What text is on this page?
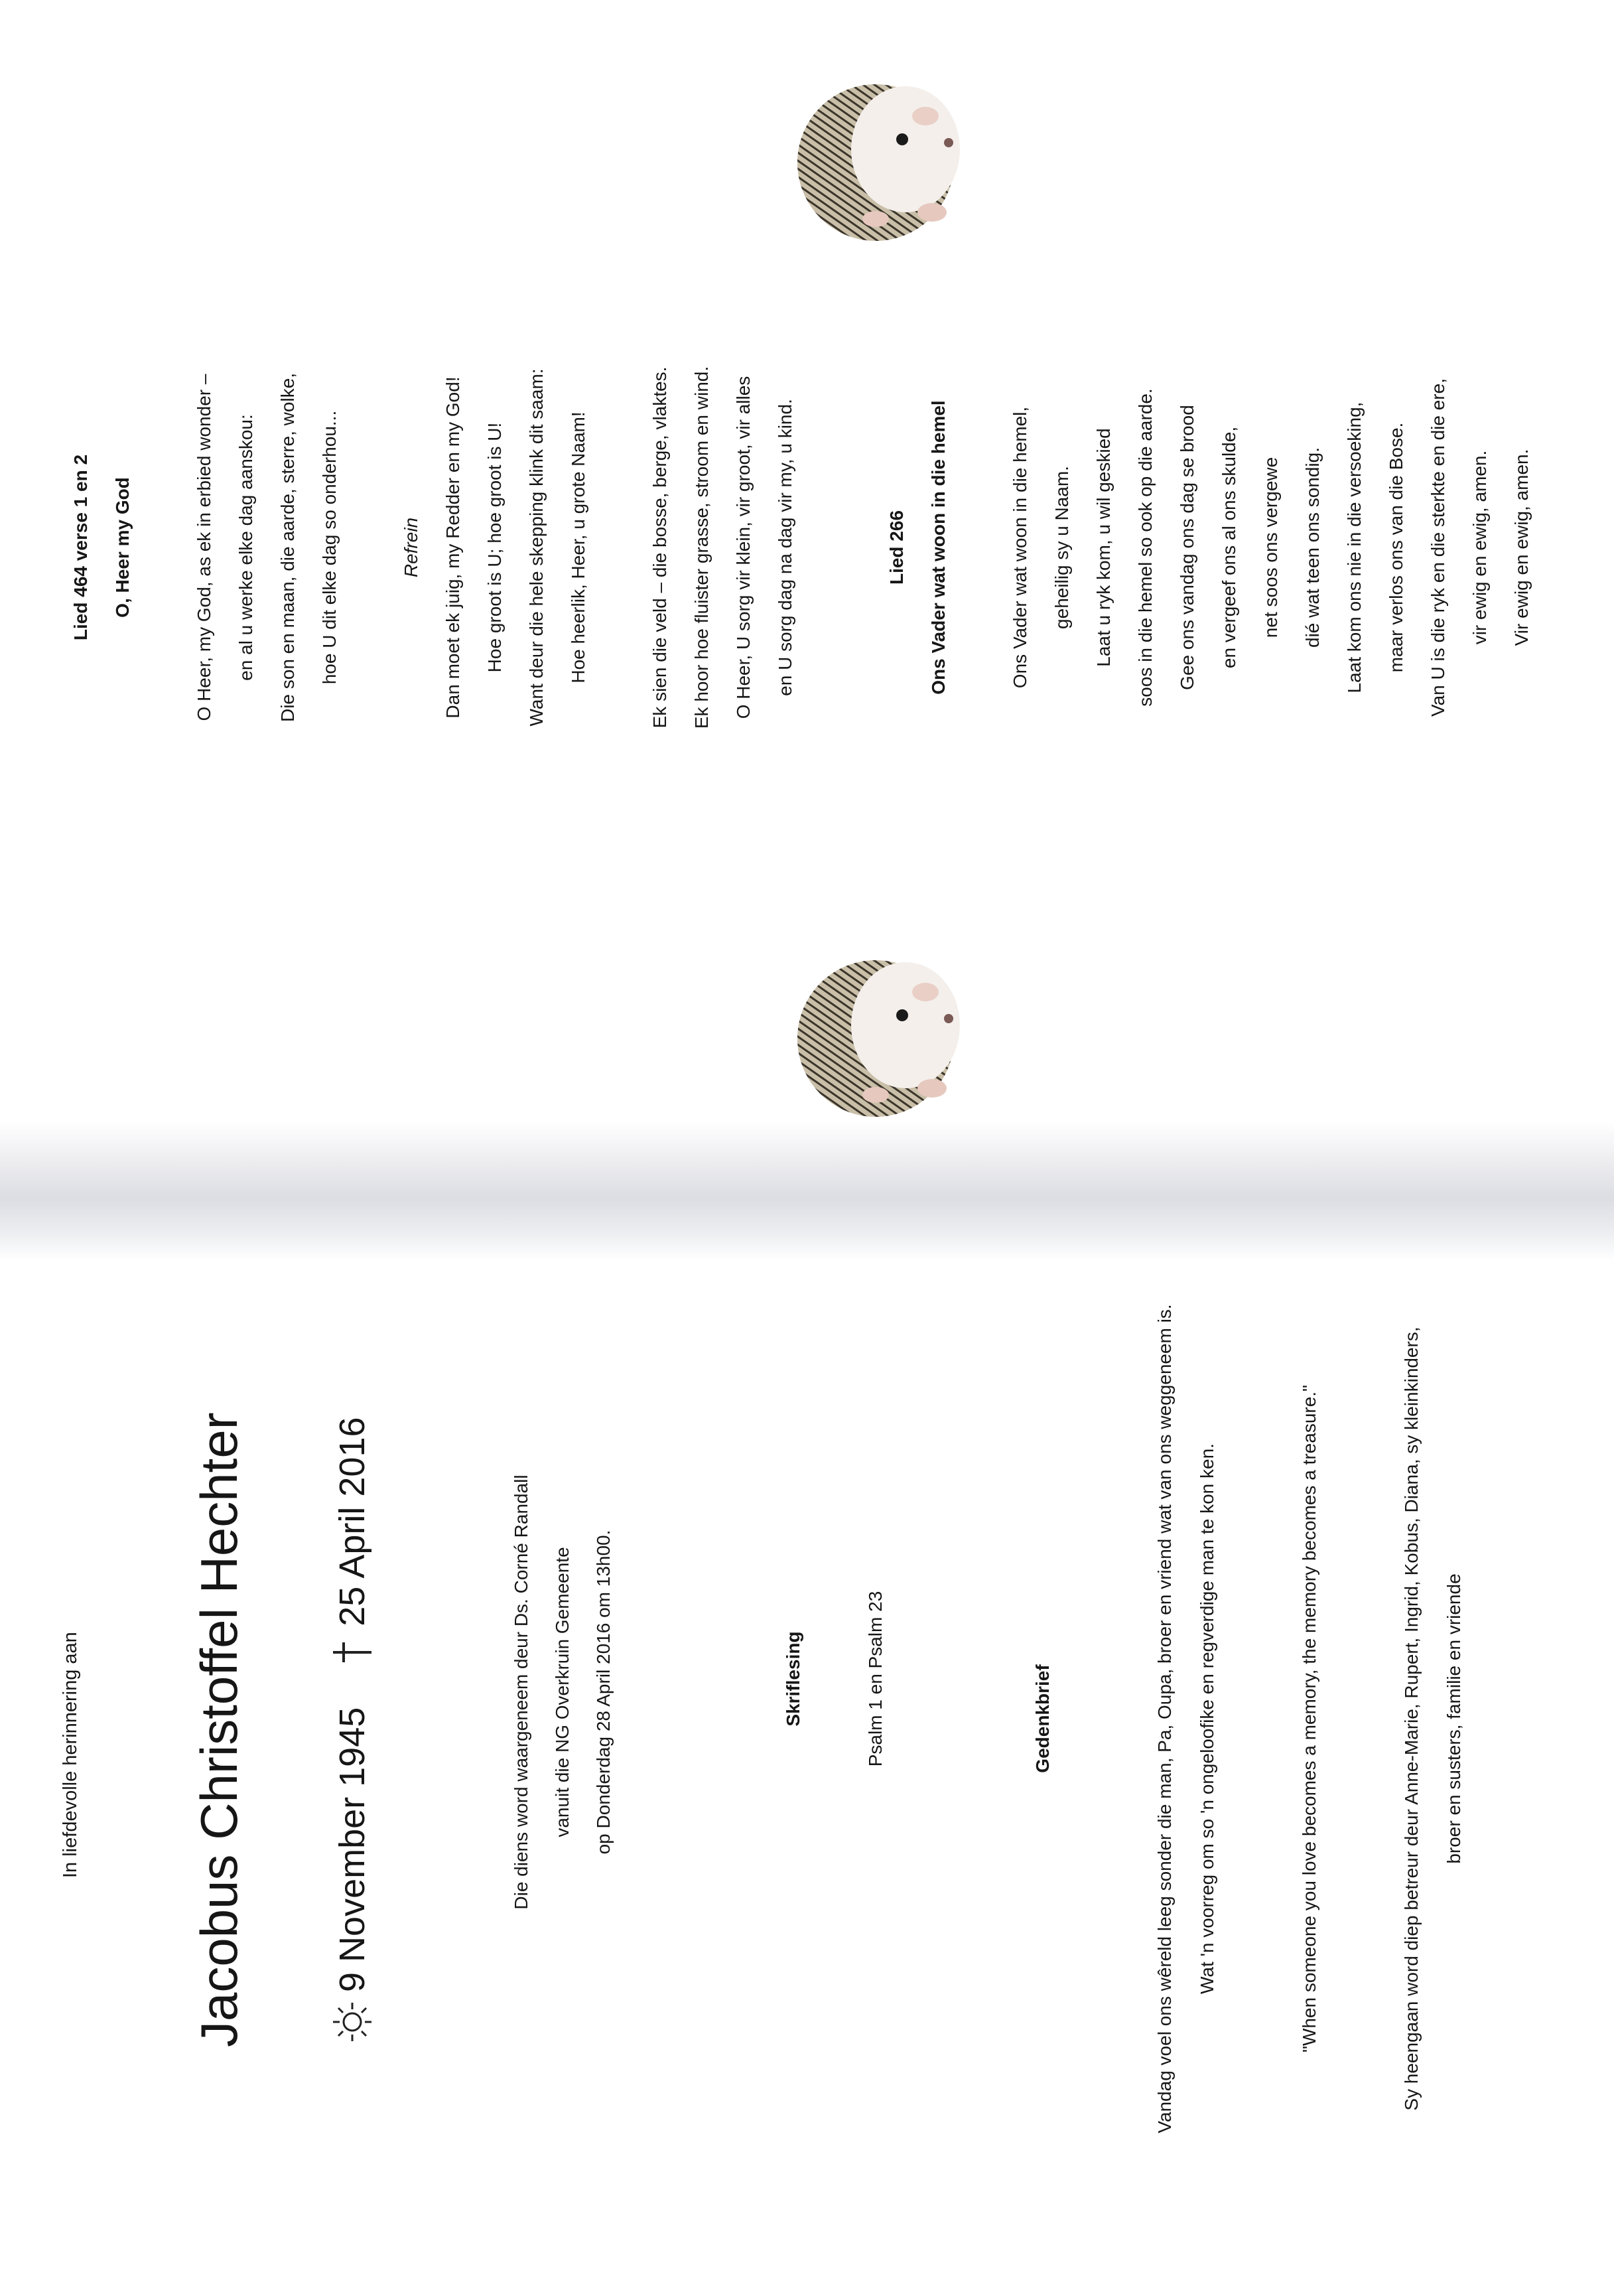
In liefdevolle herinnering aan Jacobus Christoffel Hechter 9 November 1945
25 April 2016	Die diens word waargeneem deur Ds. Corné Randall	vanuit die NG Overkruin Gemeente	op Donderdag 28 April 2016 om 13h00.	Skriflesing	Psalm 1 en Psalm 23	Gedenkbrief	Vandag voel ons wêreld leeg sonder die man, Pa, Oupa, broer en vriend wat van ons weggeneem is.	Wat 'n voorreg om so 'n ongeloofike en regverdige man te kon ken.	"When someone you love becomes a memory, the memory becomes a treasure."	Sy heengaan word diep betreur deur Anne-Marie, Rupert, Ingrid, Kobus, Diana, sy kleinkinders,	broer en susters, familie en vriende
Lied 464 verse 1 en 2	O, Heer my God	O Heer, my God, as ek in erbied wonder –	en al u werke elke dag aanskou:	Die son en maan, die aarde, sterre, wolke,	hoe U dit elke dag so onderhou...	Refrein	Dan moet ek juig, my Redder en my God!	Hoe groot is U; hoe groot is U!	Want deur die hele skepping klink dit saam:	Hoe heerlik, Heer, u grote Naam!	Ek sien die veld – die bosse, berge, vlaktes.	Ek hoor hoe fluister grasse, stroom en wind.	O Heer, U sorg vir klein, vir groot, vir alles	en U sorg dag na dag vir my, u kind.	Lied 266	Ons Vader wat woon in die hemel	Ons Vader wat woon in die hemel,	geheilig sy u Naam.	Laat u ryk kom, u wil geskied	soos in die hemel so ook op die aarde.	Gee ons vandag ons dag se brood	en vergeef ons al ons skulde,	net soos ons vergewe	dié wat teen ons sondig.	Laat kom ons nie in die versoeking,	maar verlos ons van die Bose.	Van U is die ryk en die sterkte en die ere,	vir ewig en ewig, amen.	Vir ewig en ewig, amen.
